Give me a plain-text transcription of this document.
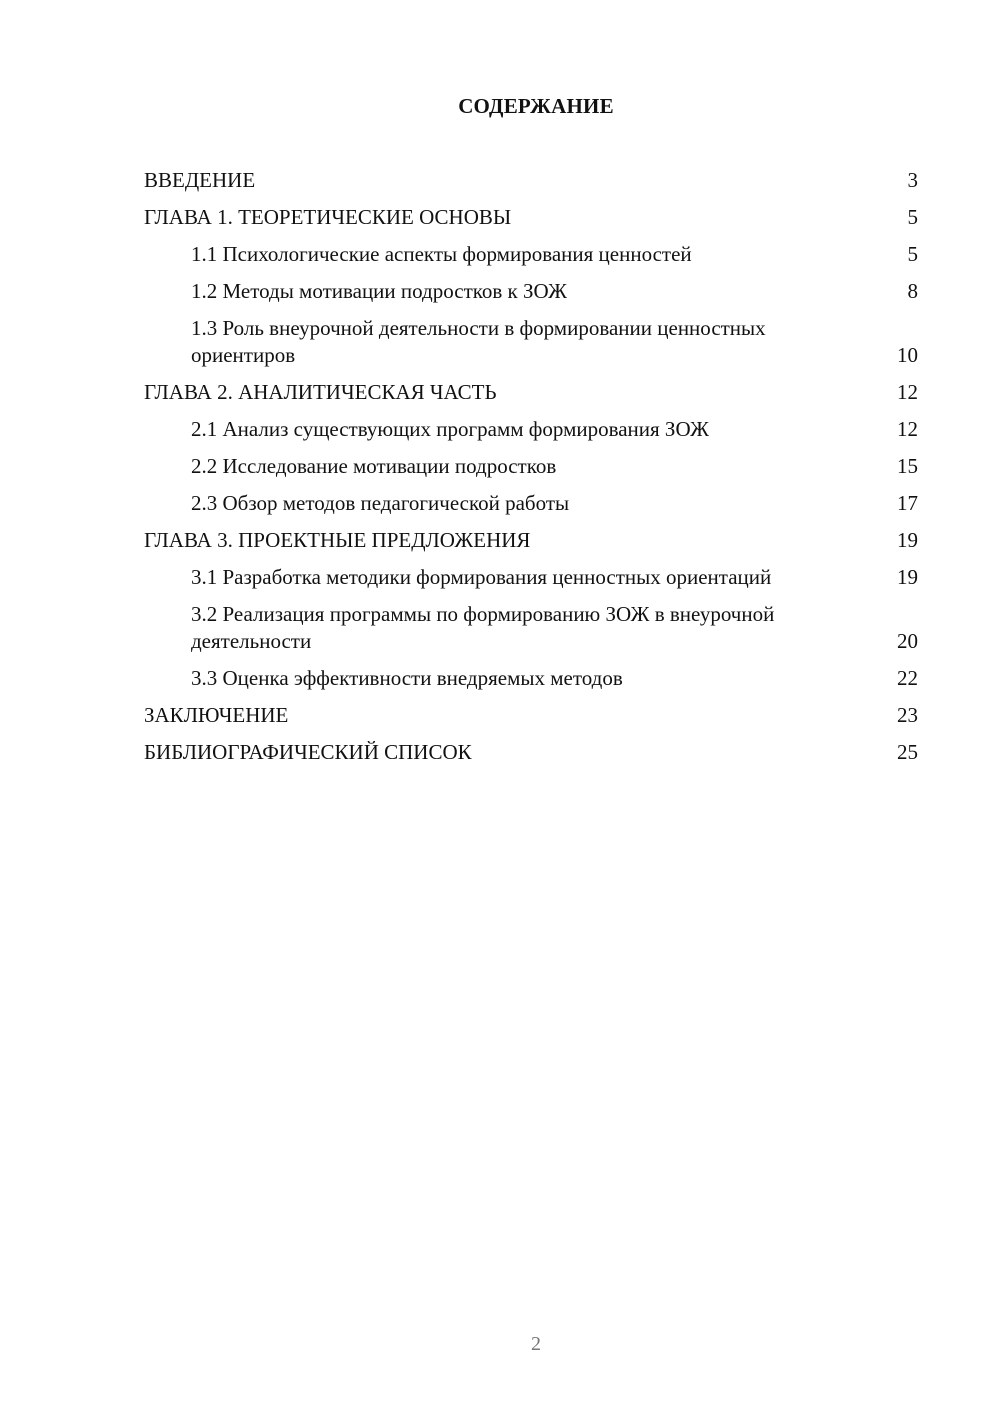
СОДЕРЖАНИЕ
ВВЕДЕНИЕ	3
ГЛАВА 1. ТЕОРЕТИЧЕСКИЕ ОСНОВЫ	5
1.1 Психологические аспекты формирования ценностей	5
1.2 Методы мотивации подростков к ЗОЖ	8
1.3 Роль внеурочной деятельности в формировании ценностных ориентиров	10
ГЛАВА 2. АНАЛИТИЧЕСКАЯ ЧАСТЬ	12
2.1 Анализ существующих программ формирования ЗОЖ	12
2.2 Исследование мотивации подростков	15
2.3 Обзор методов педагогической работы	17
ГЛАВА 3. ПРОЕКТНЫЕ ПРЕДЛОЖЕНИЯ	19
3.1 Разработка методики формирования ценностных ориентаций	19
3.2 Реализация программы по формированию ЗОЖ в внеурочной деятельности	20
3.3 Оценка эффективности внедряемых методов	22
ЗАКЛЮЧЕНИЕ	23
БИБЛИОГРАФИЧЕСКИЙ СПИСОК	25
2
